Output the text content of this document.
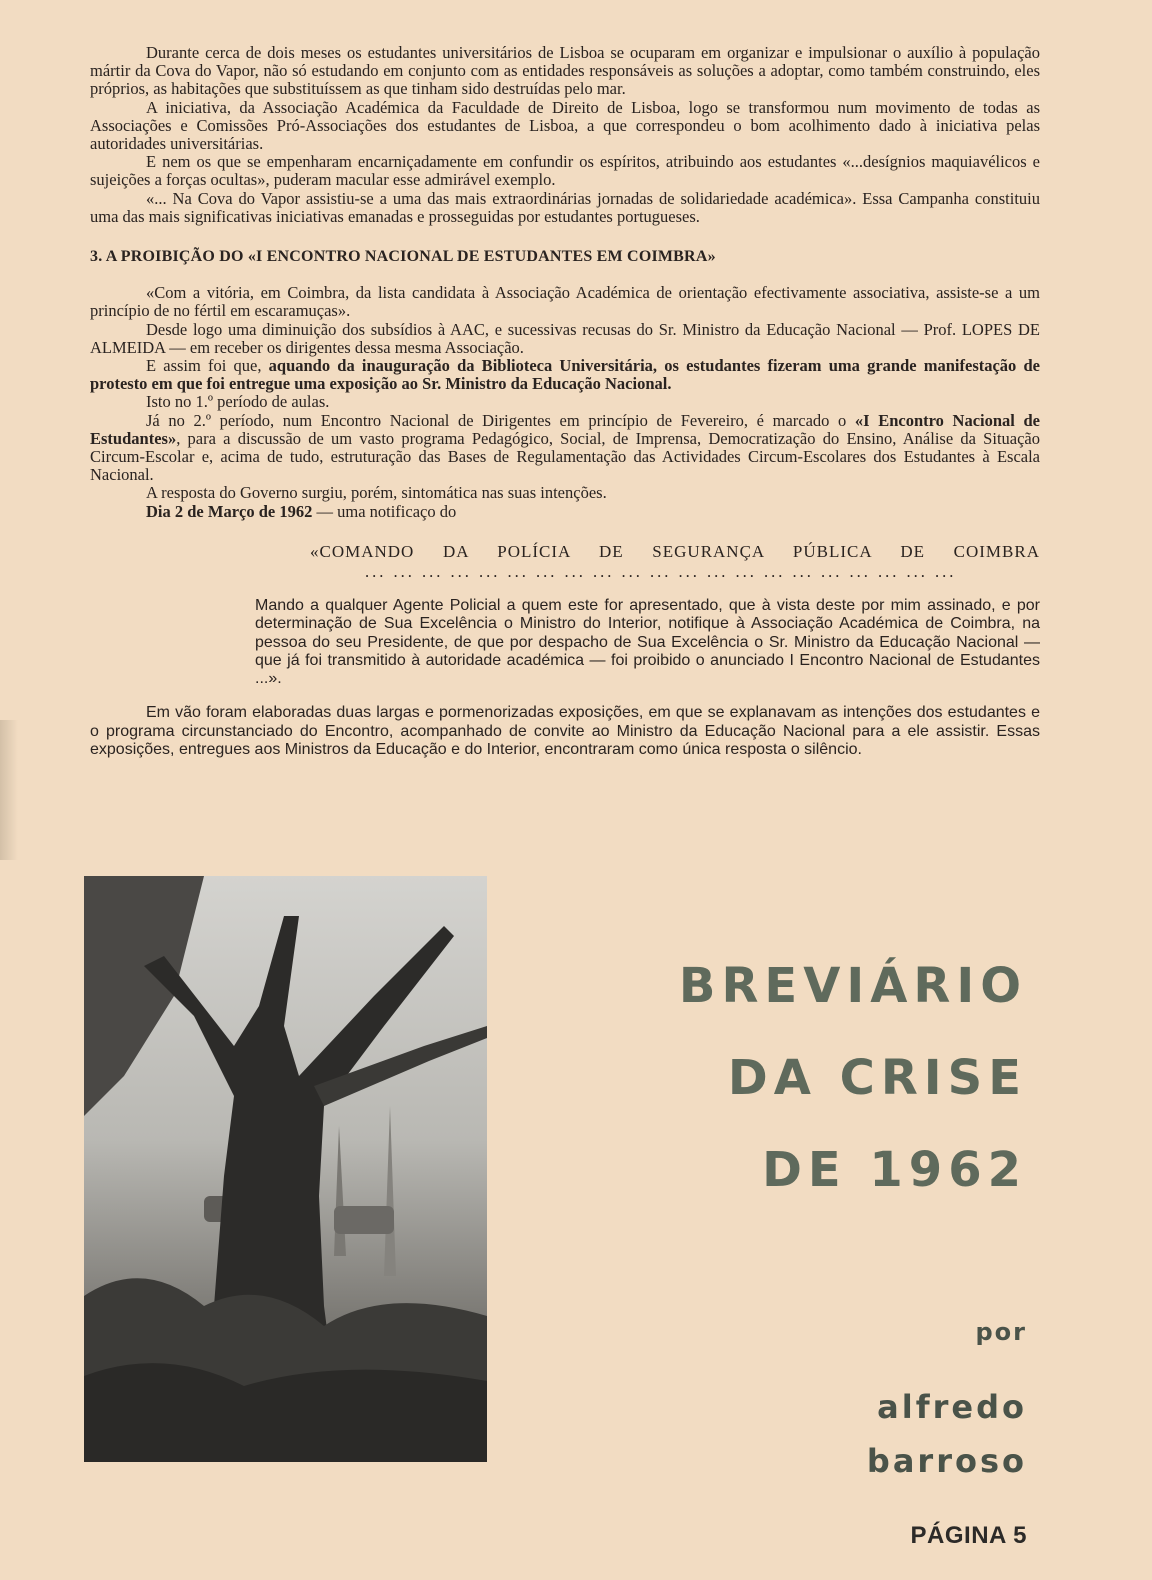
Durante cerca de dois meses os estudantes universitários de Lisboa se ocuparam em organizar e impulsionar o auxílio à população mártir da Cova do Vapor, não só estudando em conjunto com as entidades responsáveis as soluções a adoptar, como também construindo, eles próprios, as habitações que substituíssem as que tinham sido destruídas pelo mar.

A iniciativa, da Associação Académica da Faculdade de Direito de Lisboa, logo se transformou num movimento de todas as Associações e Comissões Pró-Associações dos estudantes de Lisboa, a que correspondeu o bom acolhimento dado à iniciativa pelas autoridades universitárias.

E nem os que se empenharam encarniçadamente em confundir os espíritos, atribuindo aos estudantes «...desígnios maquiavélicos e sujeições a forças ocultas», puderam macular esse admirável exemplo.

«... Na Cova do Vapor assistiu-se a uma das mais extraordinárias jornadas de solidariedade académica». Essa Campanha constituiu uma das mais significativas iniciativas emanadas e prosseguidas por estudantes portugueses.

3. A PROIBIÇÃO DO «I ENCONTRO NACIONAL DE ESTUDANTES EM COIMBRA»

«Com a vitória, em Coimbra, da lista candidata à Associação Académica de orientação efectivamente associativa, assiste-se a um princípio de no fértil em escaramuças».

Desde logo uma diminuição dos subsídios à AAC, e sucessivas recusas do Sr. Ministro da Educação Nacional — Prof. LOPES DE ALMEIDA — em receber os dirigentes dessa mesma Associação.

E assim foi que, aquando da inauguração da Biblioteca Universitária, os estudantes fizeram uma grande manifestação de protesto em que foi entregue uma exposição ao Sr. Ministro da Educação Nacional.

Isto no 1.º período de aulas.

Já no 2.º período, num Encontro Nacional de Dirigentes em princípio de Fevereiro, é marcado o «I Encontro Nacional de Estudantes», para a discussão de um vasto programa Pedagógico, Social, de Imprensa, Democratização do Ensino, Análise da Situação Circum-Escolar e, acima de tudo, estruturação das Bases de Regulamentação das Actividades Circum-Escolares dos Estudantes à Escala Nacional.

A resposta do Governo surgiu, porém, sintomática nas suas intenções.

Dia 2 de Março de 1962 — uma notificaço do

«COMANDO DA POLÍCIA DE SEGURANÇA PÚBLICA DE COIMBRA

... ... ... ... ... ... ... ... ... ... ... ... ... ... ... ... ... ... ... ... ...

Mando a qualquer Agente Policial a quem este for apresentado, que à vista deste por mim assinado, e por determinação de Sua Excelência o Ministro do Interior, notifique à Associação Académica de Coimbra, na pessoa do seu Presidente, de que por despacho de Sua Excelência o Sr. Ministro da Educação Nacional — que já foi transmitido à autoridade académica — foi proibido o anunciado I Encontro Nacional de Estudantes ...».

Em vão foram elaboradas duas largas e pormenorizadas exposições, em que se explanavam as intenções dos estudantes e o programa circunstanciado do Encontro, acompanhado de convite ao Ministro da Educação Nacional para a ele assistir. Essas exposições, entregues aos Ministros da Educação e do Interior, encontraram como única resposta o silêncio.

BREVIÁRIO
DA CRISE
DE 1962
por
alfredo
barroso
PÁGINA 5
